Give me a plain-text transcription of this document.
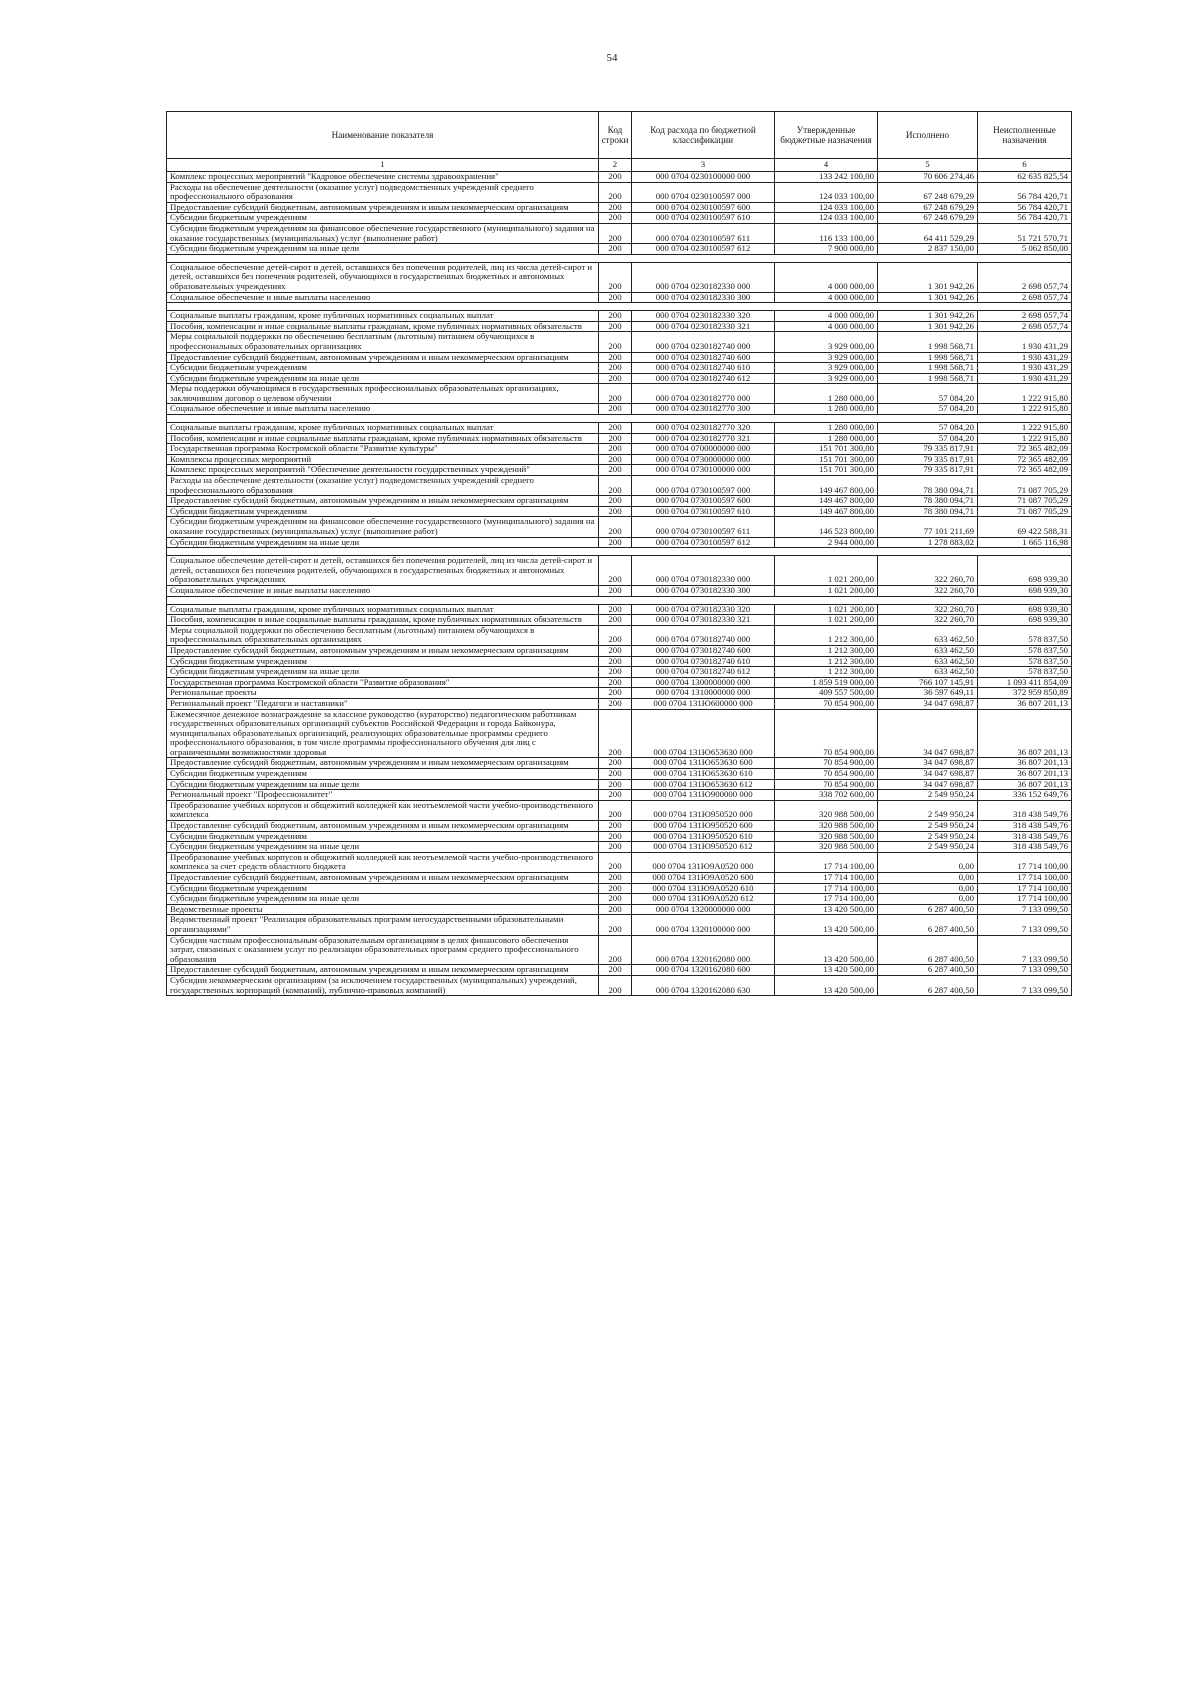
54
Наименование показателя	Код строки	Код расхода по бюджетной классификации	Утвержденные бюджетные назначения	Исполнено	Неисполненные назначения
1	2	3	4	5	6
Комплекс процессных мероприятий "Кадровое обеспечение системы здравоохранения"	200	000 0704 0230100000 000	133 242 100,00	70 606 274,46	62 635 825,54
Расходы на обеспечение деятельности (оказание услуг) подведомственных учреждений среднего профессионального образования	200	000 0704 0230100597 000	124 033 100,00	67 248 679,29	56 784 420,71
Предоставление субсидий бюджетным, автономным учреждениям и иным некоммерческим организациям	200	000 0704 0230100597 600	124 033 100,00	67 248 679,29	56 784 420,71
Субсидии бюджетным учреждениям	200	000 0704 0230100597 610	124 033 100,00	67 248 679,29	56 784 420,71
Субсидии бюджетным учреждениям на финансовое обеспечение государственного (муниципального) задания на оказание государственных (муниципальных) услуг (выполнение работ)	200	000 0704 0230100597 611	116 133 100,00	64 411 529,29	51 721 570,71
Субсидии бюджетным учреждениям на иные цели	200	000 0704 0230100597 612	7 900 000,00	2 837 150,00	5 062 850,00

Социальное обеспечение детей-сирот и детей, оставшихся без попечения родителей, лиц из числа детей-сирот и детей, оставшихся без попечения родителей, обучающихся в государственных бюджетных и автономных образовательных учреждениях	200	000 0704 0230182330 000	4 000 000,00	1 301 942,26	2 698 057,74
Социальное обеспечение и иные выплаты населению	200	000 0704 0230182330 300	4 000 000,00	1 301 942,26	2 698 057,74

Социальные выплаты гражданам, кроме публичных нормативных социальных выплат	200	000 0704 0230182330 320	4 000 000,00	1 301 942,26	2 698 057,74
Пособия, компенсации и иные социальные выплаты гражданам, кроме публичных нормативных обязательств	200	000 0704 0230182330 321	4 000 000,00	1 301 942,26	2 698 057,74
Меры социальной поддержки по обеспечению бесплатным (льготным) питанием обучающихся в профессиональных образовательных организациях	200	000 0704 0230182740 000	3 929 000,00	1 998 568,71	1 930 431,29
Предоставление субсидий бюджетным, автономным учреждениям и иным некоммерческим организациям	200	000 0704 0230182740 600	3 929 000,00	1 998 568,71	1 930 431,29
Субсидии бюджетным учреждениям	200	000 0704 0230182740 610	3 929 000,00	1 998 568,71	1 930 431,29
Субсидии бюджетным учреждениям на иные цели	200	000 0704 0230182740 612	3 929 000,00	1 998 568,71	1 930 431,29
Меры поддержки обучающимся в государственных профессиональных образовательных организациях, заключившим договор о целевом обучении	200	000 0704 0230182770 000	1 280 000,00	57 084,20	1 222 915,80
Социальное обеспечение и иные выплаты населению	200	000 0704 0230182770 300	1 280 000,00	57 084,20	1 222 915,80

Социальные выплаты гражданам, кроме публичных нормативных социальных выплат	200	000 0704 0230182770 320	1 280 000,00	57 084,20	1 222 915,80
Пособия, компенсации и иные социальные выплаты гражданам, кроме публичных нормативных обязательств	200	000 0704 0230182770 321	1 280 000,00	57 084,20	1 222 915,80
Государственная программа Костромской области "Развитие культуры"	200	000 0704 0700000000 000	151 701 300,00	79 335 817,91	72 365 482,09
Комплексы процессных мероприятий	200	000 0704 0730000000 000	151 701 300,00	79 335 817,91	72 365 482,09
Комплекс процессных мероприятий "Обеспечение деятельности государственных учреждений"	200	000 0704 0730100000 000	151 701 300,00	79 335 817,91	72 365 482,09
Расходы на обеспечение деятельности (оказание услуг) подведомственных учреждений среднего профессионального образования	200	000 0704 0730100597 000	149 467 800,00	78 380 094,71	71 087 705,29
Предоставление субсидий бюджетным, автономным учреждениям и иным некоммерческим организациям	200	000 0704 0730100597 600	149 467 800,00	78 380 094,71	71 087 705,29
Субсидии бюджетным учреждениям	200	000 0704 0730100597 610	149 467 800,00	78 380 094,71	71 087 705,29
Субсидии бюджетным учреждениям на финансовое обеспечение государственного (муниципального) задания на оказание государственных (муниципальных) услуг (выполнение работ)	200	000 0704 0730100597 611	146 523 800,00	77 101 211,69	69 422 588,31
Субсидии бюджетным учреждениям на иные цели	200	000 0704 0730100597 612	2 944 000,00	1 278 883,02	1 665 116,98

Социальное обеспечение детей-сирот и детей, оставшихся без попечения родителей, лиц из числа детей-сирот и детей, оставшихся без попечения родителей, обучающихся в государственных бюджетных и автономных образовательных учреждениях	200	000 0704 0730182330 000	1 021 200,00	322 260,70	698 939,30
Социальное обеспечение и иные выплаты населению	200	000 0704 0730182330 300	1 021 200,00	322 260,70	698 939,30

Социальные выплаты гражданам, кроме публичных нормативных социальных выплат	200	000 0704 0730182330 320	1 021 200,00	322 260,70	698 939,30
Пособия, компенсации и иные социальные выплаты гражданам, кроме публичных нормативных обязательств	200	000 0704 0730182330 321	1 021 200,00	322 260,70	698 939,30
Меры социальной поддержки по обеспечению бесплатным (льготным) питанием обучающихся в профессиональных образовательных организациях	200	000 0704 0730182740 000	1 212 300,00	633 462,50	578 837,50
Предоставление субсидий бюджетным, автономным учреждениям и иным некоммерческим организациям	200	000 0704 0730182740 600	1 212 300,00	633 462,50	578 837,50
Субсидии бюджетным учреждениям	200	000 0704 0730182740 610	1 212 300,00	633 462,50	578 837,50
Субсидии бюджетным учреждениям на иные цели	200	000 0704 0730182740 612	1 212 300,00	633 462,50	578 837,50
Государственная программа Костромской области "Развитие образования"	200	000 0704 1300000000 000	1 859 519 000,00	766 107 145,91	1 093 411 854,09
Региональные проекты	200	000 0704 1310000000 000	409 557 500,00	36 597 649,11	372 959 850,89
Региональный проект "Педагоги и наставники"	200	000 0704 131Ю600000 000	70 854 900,00	34 047 698,87	36 807 201,13
Ежемесячное денежное вознаграждение за классное руководство (кураторство) педагогическим работникам государственных образовательных организаций субъектов Российской Федерации и города Байконура, муниципальных образовательных организаций, реализующих образовательные программы среднего профессионального образования, в том числе программы профессионального обучения для лиц с ограниченными возможностями здоровья	200	000 0704 131Ю653630 000	70 854 900,00	34 047 698,87	36 807 201,13
Предоставление субсидий бюджетным, автономным учреждениям и иным некоммерческим организациям	200	000 0704 131Ю653630 600	70 854 900,00	34 047 698,87	36 807 201,13
Субсидии бюджетным учреждениям	200	000 0704 131Ю653630 610	70 854 900,00	34 047 698,87	36 807 201,13
Субсидии бюджетным учреждениям на иные цели	200	000 0704 131Ю653630 612	70 854 900,00	34 047 698,87	36 807 201,13
Региональный проект "Профессионалитет"	200	000 0704 131Ю900000 000	338 702 600,00	2 549 950,24	336 152 649,76
Преобразование учебных корпусов и общежитий колледжей как неотъемлемой части учебно-производственного комплекса	200	000 0704 131Ю950520 000	320 988 500,00	2 549 950,24	318 438 549,76
Предоставление субсидий бюджетным, автономным учреждениям и иным некоммерческим организациям	200	000 0704 131Ю950520 600	320 988 500,00	2 549 950,24	318 438 549,76
Субсидии бюджетным учреждениям	200	000 0704 131Ю950520 610	320 988 500,00	2 549 950,24	318 438 549,76
Субсидии бюджетным учреждениям на иные цели	200	000 0704 131Ю950520 612	320 988 500,00	2 549 950,24	318 438 549,76
Преобразование учебных корпусов и общежитий колледжей как неотъемлемой части учебно-производственного комплекса за счет средств областного бюджета	200	000 0704 131Ю9А0520 000	17 714 100,00	0,00	17 714 100,00
Предоставление субсидий бюджетным, автономным учреждениям и иным некоммерческим организациям	200	000 0704 131Ю9А0520 600	17 714 100,00	0,00	17 714 100,00
Субсидии бюджетным учреждениям	200	000 0704 131Ю9А0520 610	17 714 100,00	0,00	17 714 100,00
Субсидии бюджетным учреждениям на иные цели	200	000 0704 131Ю9А0520 612	17 714 100,00	0,00	17 714 100,00
Ведомственные проекты	200	000 0704 1320000000 000	13 420 500,00	6 287 400,50	7 133 099,50
Ведомственный проект "Реализация образовательных программ негосударственными образовательными организациями"	200	000 0704 1320100000 000	13 420 500,00	6 287 400,50	7 133 099,50
Субсидии частным профессиональным образовательным организациям в целях финансового обеспечения затрат, связанных с оказанием услуг по реализации образовательных программ среднего профессионального образования	200	000 0704 1320162080 000	13 420 500,00	6 287 400,50	7 133 099,50
Предоставление субсидий бюджетным, автономным учреждениям и иным некоммерческим организациям	200	000 0704 1320162080 600	13 420 500,00	6 287 400,50	7 133 099,50
Субсидии некоммерческим организациям (за исключением государственных (муниципальных) учреждений, государственных корпораций (компаний), публично-правовых компаний)	200	000 0704 1320162080 630	13 420 500,00	6 287 400,50	7 133 099,50
